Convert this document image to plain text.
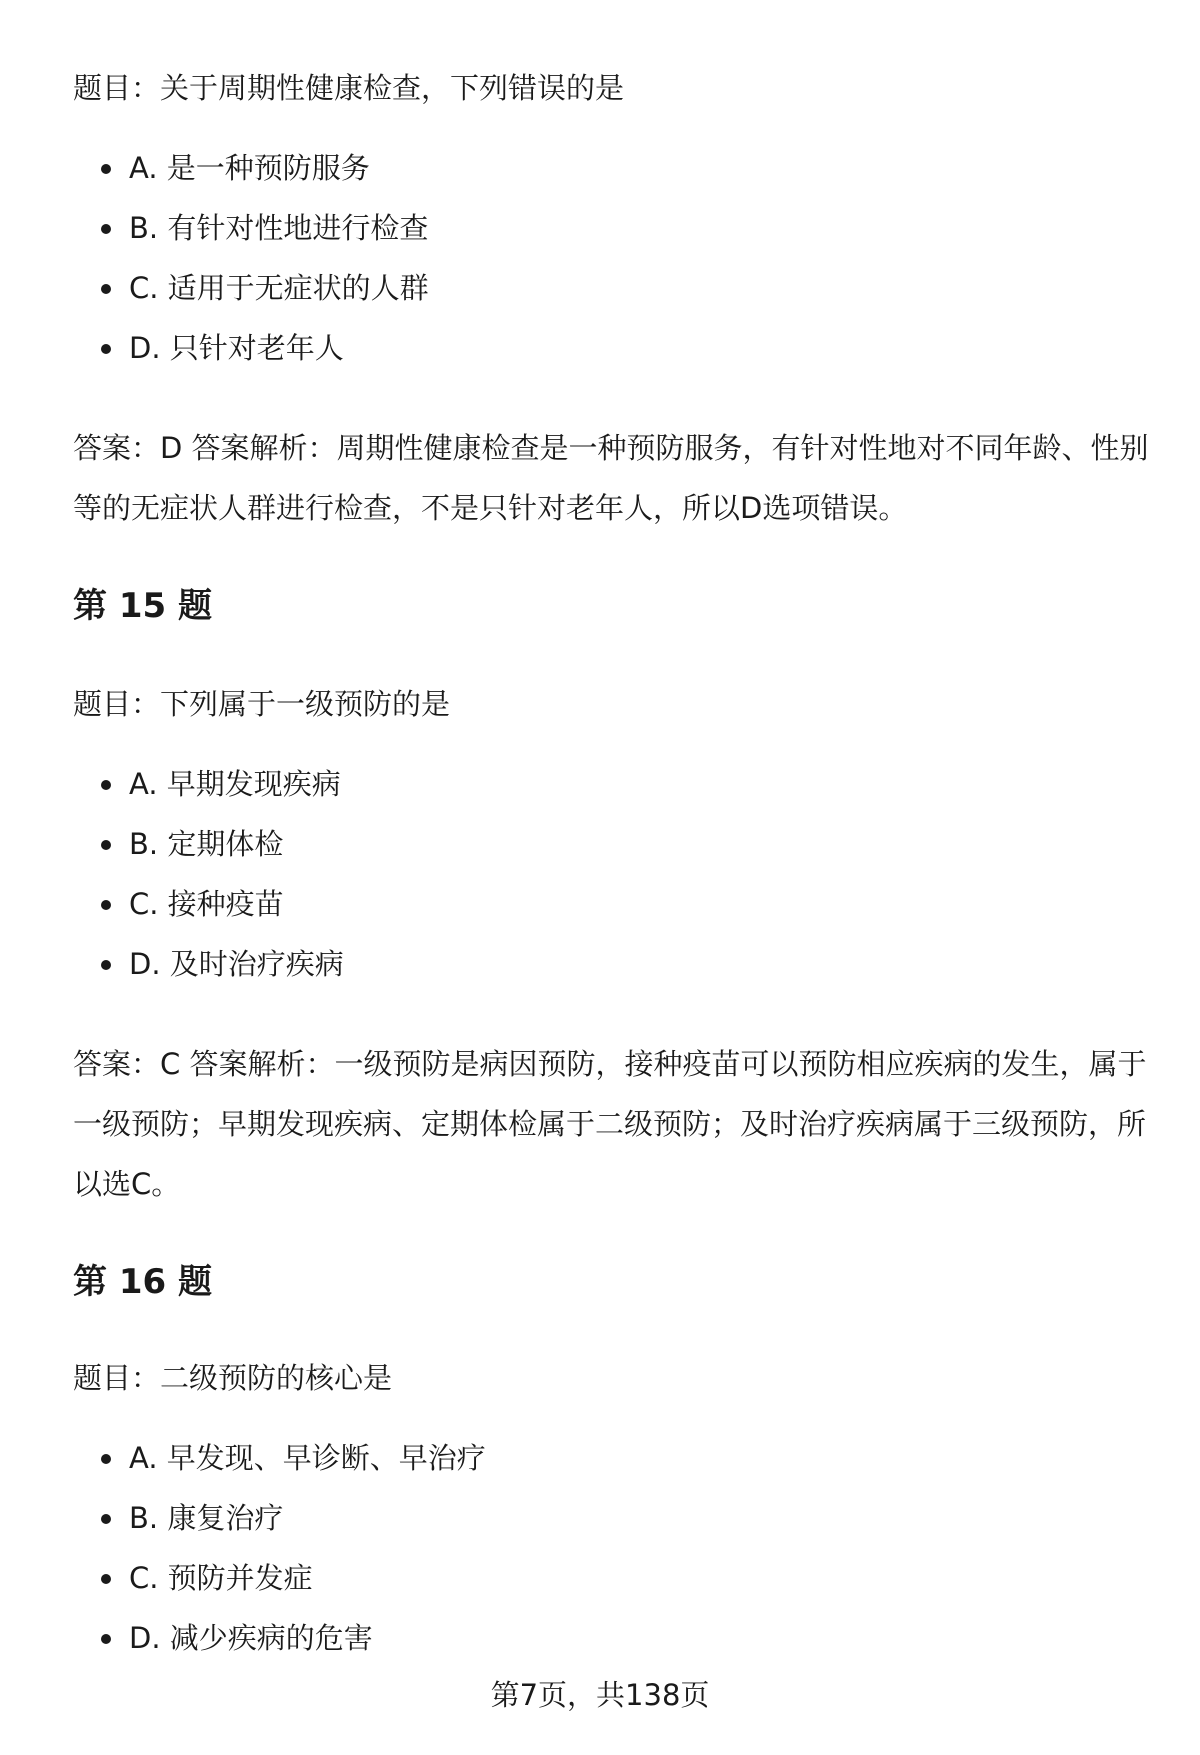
题目：关于周期性健康检查，下列错误的是

A. 是一种预防服务
B. 有针对性地进行检查
C. 适用于无症状的人群
D. 只针对老年人

答案：D 答案解析：周期性健康检查是一种预防服务，有针对性地对不同年龄、性别等的无症状人群进行检查，不是只针对老年人，所以D选项错误。

第 15 题

题目：下列属于一级预防的是

A. 早期发现疾病
B. 定期体检
C. 接种疫苗
D. 及时治疗疾病

答案：C 答案解析：一级预防是病因预防，接种疫苗可以预防相应疾病的发生，属于一级预防；早期发现疾病、定期体检属于二级预防；及时治疗疾病属于三级预防，所以选C。

第 16 题

题目：二级预防的核心是

A. 早发现、早诊断、早治疗
B. 康复治疗
C. 预防并发症
D. 减少疾病的危害
第7页，共138页
